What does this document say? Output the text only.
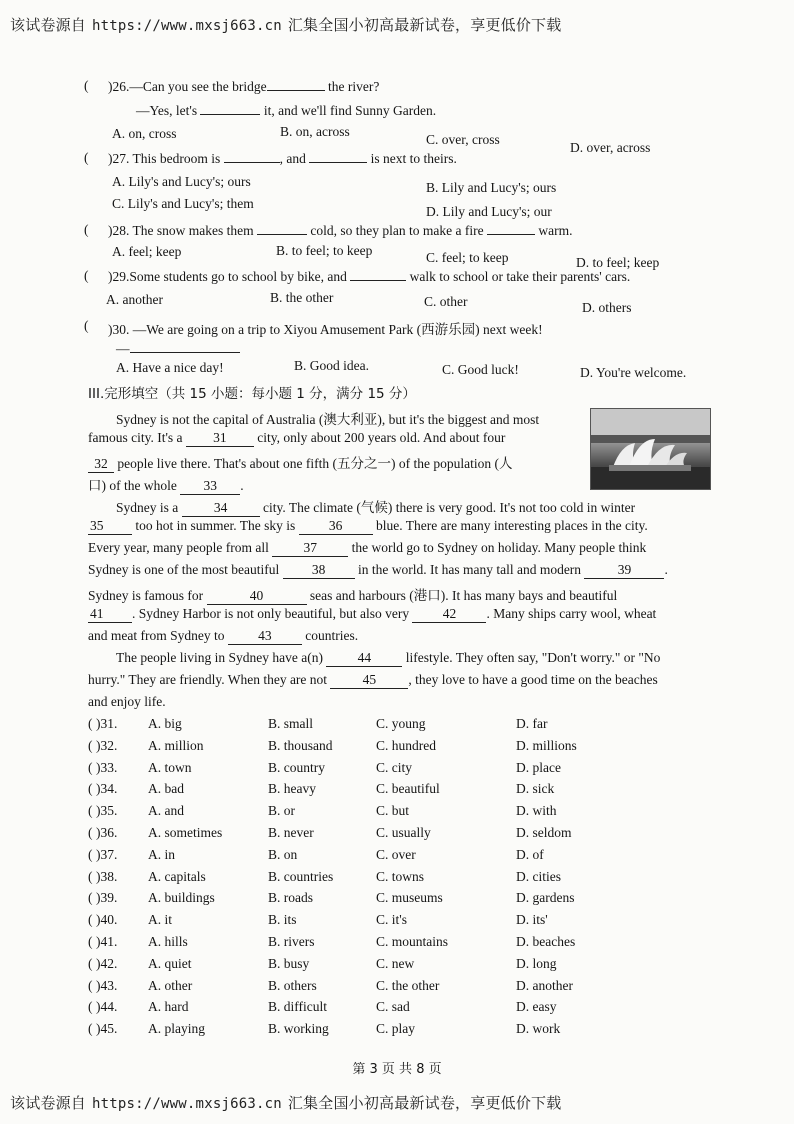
该试卷源自 https://www.mxsj663.cn 汇集全国小初高最新试卷，享更低价下载
( )26.—Can you see the bridge	the river?
—Yes, let's	it, and we'll find Sunny Garden.
A. on, cross	B. on, across
C. over, cross
D. over, across
( )27. This bedroom is	, and	is next to theirs.
A. Lily's and Lucy's; ours	B. Lily and Lucy's; ours
C. Lily's and Lucy's; them
D. Lily and Lucy's; our
( )28. The snow makes them	cold, so they plan to make a fire	warm.
A. feel; keep	B. to feel; to keep	C. feel; to keep	D. to feel; keep
( )29.Some students go to school by bike, and	walk to school or take their parents' cars.
A. another	B. the other	C. other	D. others
( )30. —We are going on a trip to Xiyou Amusement Park (西游乐园) next week!
—
A. Have a nice day!	B. Good idea.	C. Good luck!	D. You're welcome.
III.完形填空（共 15 小题：每小题 1 分，满分 15 分）
Sydney is not the capital of Australia (澳大利亚), but it's the biggest and most
famous city. It's a 31 city, only about 200 years old. And about four
32 people live there. That's about one fifth (五分之一) of the population (人
口) of the whole 33 .
Sydney is a	34	city. The climate (气候) there is very good. It's not too cold in winter
35 too hot in summer. The sky is 36 blue. There are many interesting places in the city.
Every year, many people from all	37	the world go to Sydney on holiday. Many people think
Sydney is one of the most beautiful 38 in the world. It has many tall and modern	39 .
Sydney is famous for	40	seas and harbours (港口). It has many bays and beautiful
41 . Sydney Harbor is not only beautiful, but also very 42 . Many ships carry wool, wheat
and meat from Sydney to 43 countries.
The people living in Sydney have a(n)	44	lifestyle. They often say, "Don't worry." or "No
hurry." They are friendly. When they are not	45 , they love to have a good time on the beaches
and enjoy life.
( )31. A. big	B. small	C. young	D. far
( )32. A. million	B. thousand	C. hundred	D. millions
( )33. A. town	B. country	C. city	D. place
( )34. A. bad	B. heavy	C. beautiful	D. sick
( )35. A. and	B. or	C. but	D. with
( )36. A. sometimes	B. never	C. usually	D. seldom
( )37. A. in	B. on	C. over	D. of
( )38. A. capitals	B. countries	C. towns	D. cities
( )39. A. buildings	B. roads	C. museums	D. gardens
( )40. A. it	B. its	C. it's	D. its'
( )41. A. hills	B. rivers	C. mountains	D. beaches
( )42. A. quiet	B. busy	C. new	D. long
( )43. A. other	B. others	C. the other	D. another
( )44. A. hard	B. difficult	C. sad	D. easy
( )45. A. playing	B. working	C. play	D. work
第 3 页 共 8 页
该试卷源自 https://www.mxsj663.cn 汇集全国小初高最新试卷，享更低价下载
